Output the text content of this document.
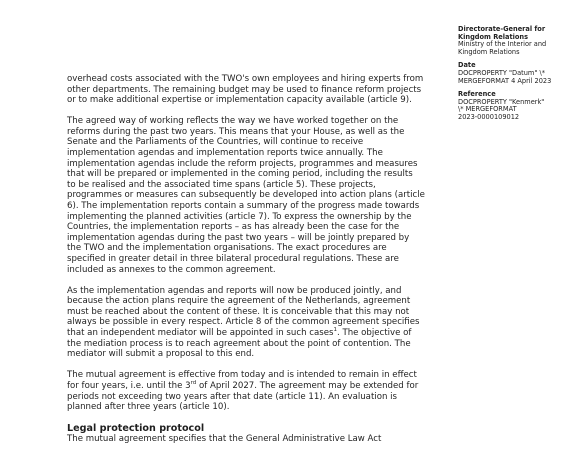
Directorate-General for
Kingdom Relations
Ministry of the Interior and
Kingdom Relations
Date
DOCPROPERTY "Datum" \*
MERGEFORMAT 4 April 2023
Reference
DOCPROPERTY "Kenmerk"
\* MERGEFORMAT
2023-0000109012

overhead costs associated with the TWO's own employees and hiring experts from
other departments. The remaining budget may be used to finance reform projects
or to make additional expertise or implementation capacity available (article 9).

The agreed way of working reflects the way we have worked together on the
reforms during the past two years. This means that your House, as well as the
Senate and the Parliaments of the Countries, will continue to receive
implementation agendas and implementation reports twice annually. The
implementation agendas include the reform projects, programmes and measures
that will be prepared or implemented in the coming period, including the results
to be realised and the associated time spans (article 5). These projects,
programmes or measures can subsequently be developed into action plans (article
6). The implementation reports contain a summary of the progress made towards
implementing the planned activities (article 7). To express the ownership by the
Countries, the implementation reports – as has already been the case for the
implementation agendas during the past two years – will be jointly prepared by
the TWO and the implementation organisations. The exact procedures are
specified in greater detail in three bilateral procedural regulations. These are
included as annexes to the common agreement.

As the implementation agendas and reports will now be produced jointly, and
because the action plans require the agreement of the Netherlands, agreement
must be reached about the content of these. It is conceivable that this may not
always be possible in every respect. Article 8 of the common agreement specifies
that an independent mediator will be appointed in such cases$^1$. The objective of
the mediation process is to reach agreement about the point of contention. The
mediator will submit a proposal to this end.

The mutual agreement is effective from today and is intended to remain in effect
for four years, i.e. until the 3rd of April 2027. The agreement may be extended for
periods not exceeding two years after that date (article 11). An evaluation is
planned after three years (article 10).

Legal protection protocol
The mutual agreement specifies that the General Administrative Law Act
